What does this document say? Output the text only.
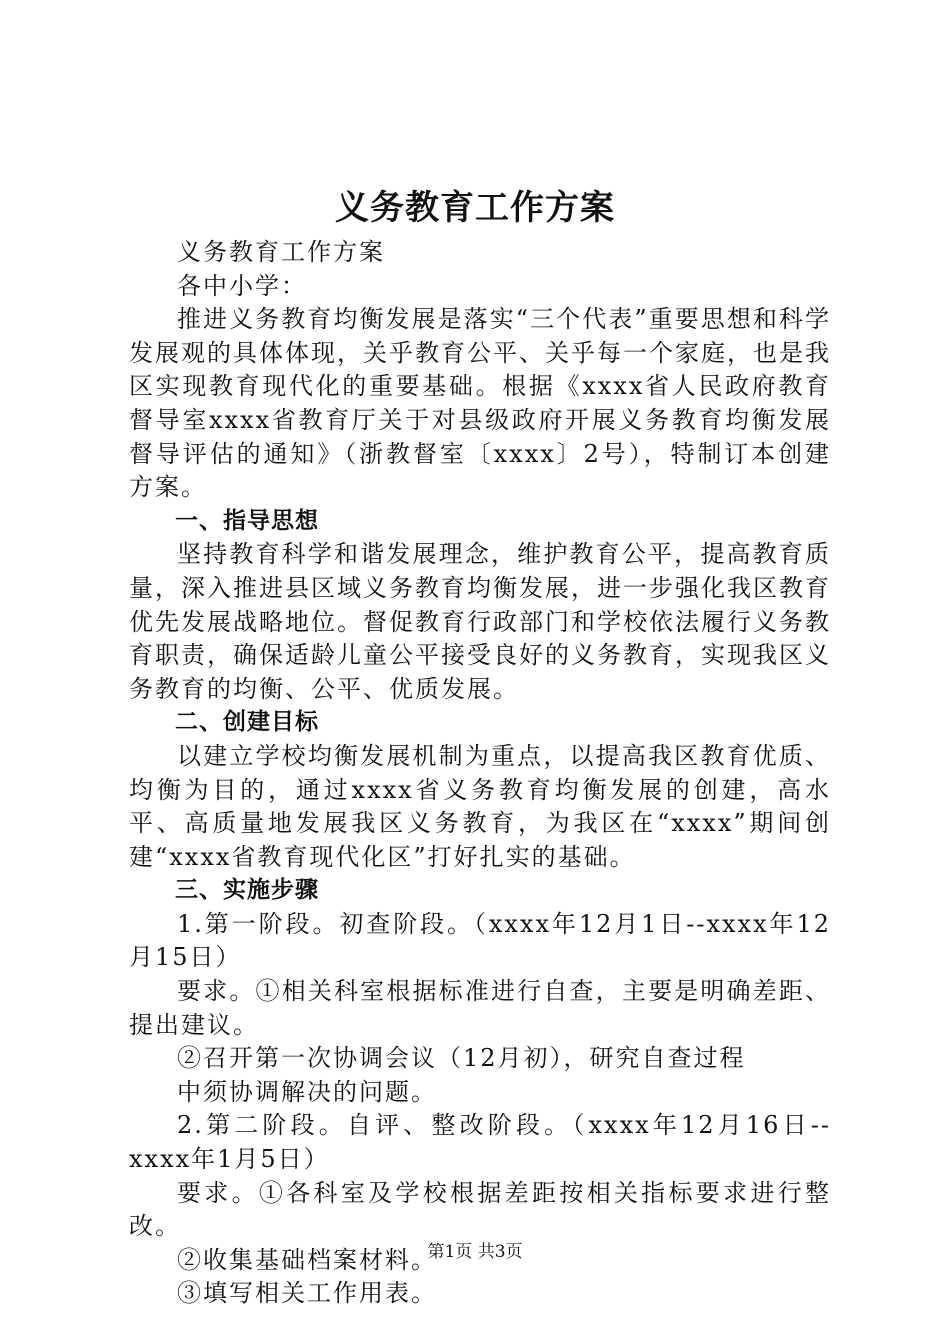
义务教育工作方案

义务教育工作方案

各中小学：

推进义务教育均衡发展是落实“三个代表”重要思想和科学发展观的具体体现，关乎教育公平、关乎每一个家庭，也是我区实现教育现代化的重要基础。根据《xxxx省人民政府教育督导室xxxx省教育厅关于对县级政府开展义务教育均衡发展督导评估的通知》（浙教督室〔xxxx〕2号），特制订本创建方案。

一、指导思想

坚持教育科学和谐发展理念，维护教育公平，提高教育质量，深入推进县区域义务教育均衡发展，进一步强化我区教育优先发展战略地位。督促教育行政部门和学校依法履行义务教育职责，确保适龄儿童公平接受良好的义务教育，实现我区义务教育的均衡、公平、优质发展。

二、创建目标

以建立学校均衡发展机制为重点，以提高我区教育优质、均衡为目的，通过xxxx省义务教育均衡发展的创建，高水平、高质量地发展我区义务教育，为我区在“xxxx”期间创建“xxxx省教育现代化区”打好扎实的基础。

三、实施步骤

1.第一阶段。初查阶段。（xxxx年12月1日--xxxx年12月15日）

要求。①相关科室根据标准进行自查，主要是明确差距、提出建议。

②召开第一次协调会议（12月初），研究自查过程

中须协调解决的问题。

2.第二阶段。自评、整改阶段。（xxxx年12月16日--xxxx年1月5日）

要求。①各科室及学校根据差距按相关指标要求进行整改。

②收集基础档案材料。

③填写相关工作用表。

第1页 共3页
